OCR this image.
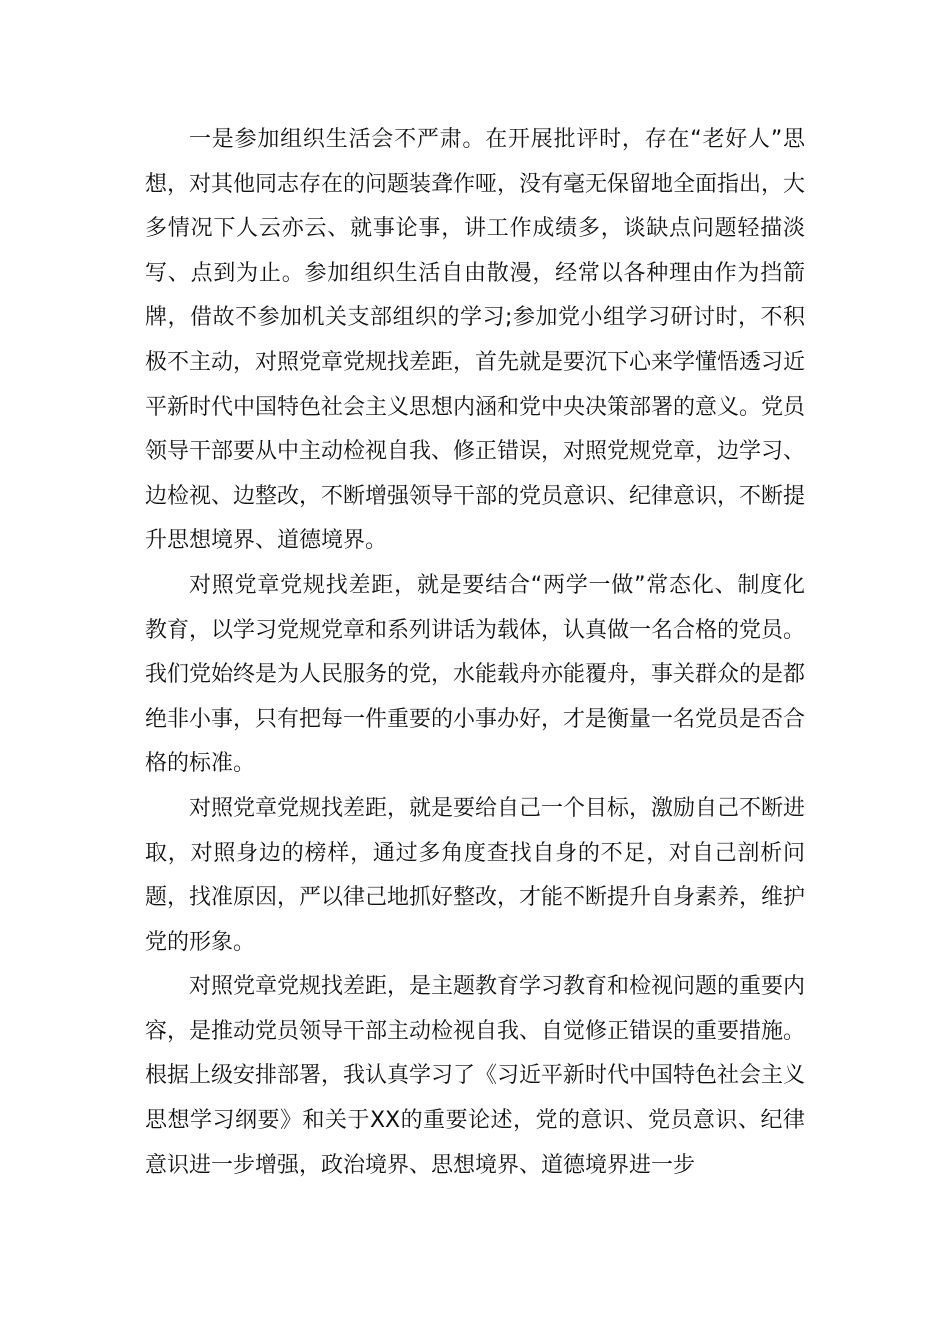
一是参加组织生活会不严肃。在开展批评时，存在“老好人”思想，对其他同志存在的问题装聋作哑，没有毫无保留地全面指出，大多情况下人云亦云、就事论事，讲工作成绩多，谈缺点问题轻描淡写、点到为止。参加组织生活自由散漫，经常以各种理由作为挡箭牌，借故不参加机关支部组织的学习;参加党小组学习研讨时，不积极不主动，对照党章党规找差距，首先就是要沉下心来学懂悟透习近平新时代中国特色社会主义思想内涵和党中央决策部署的意义。党员领导干部要从中主动检视自我、修正错误，对照党规党章，边学习、边检视、边整改，不断增强领导干部的党员意识、纪律意识，不断提升思想境界、道德境界。

对照党章党规找差距，就是要结合“两学一做”常态化、制度化教育，以学习党规党章和系列讲话为载体，认真做一名合格的党员。我们党始终是为人民服务的党，水能载舟亦能覆舟，事关群众的是都绝非小事，只有把每一件重要的小事办好，才是衡量一名党员是否合格的标准。

对照党章党规找差距，就是要给自己一个目标，激励自己不断进取，对照身边的榜样，通过多角度查找自身的不足，对自己剖析问题，找准原因，严以律己地抓好整改，才能不断提升自身素养，维护党的形象。

对照党章党规找差距，是主题教育学习教育和检视问题的重要内容，是推动党员领导干部主动检视自我、自觉修正错误的重要措施。根据上级安排部署，我认真学习了《习近平新时代中国特色社会主义思想学习纲要》和关于XX的重要论述，党的意识、党员意识、纪律意识进一步增强，政治境界、思想境界、道德境界进一步
